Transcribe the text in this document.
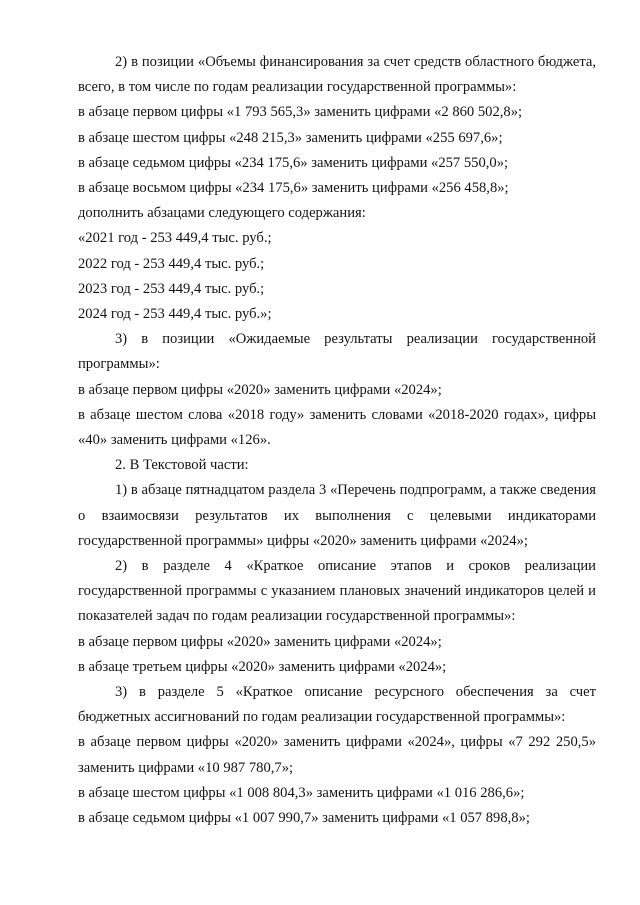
2) в позиции «Объемы финансирования за счет средств областного бюджета, всего, в том числе по годам реализации государственной программы»:

в абзаце первом цифры «1 793 565,3» заменить цифрами «2 860 502,8»;

в абзаце шестом цифры «248 215,3» заменить цифрами «255 697,6»;

в абзаце седьмом цифры «234 175,6» заменить цифрами «257 550,0»;

в абзаце восьмом цифры «234 175,6» заменить цифрами «256 458,8»;

дополнить абзацами следующего содержания:

«2021 год - 253 449,4 тыс. руб.;

2022 год - 253 449,4 тыс. руб.;

2023 год - 253 449,4 тыс. руб.;

2024 год - 253 449,4 тыс. руб.»;

3) в позиции «Ожидаемые результаты реализации государственной программы»:

в абзаце первом цифры «2020» заменить цифрами «2024»;

в абзаце шестом слова «2018 году» заменить словами «2018-2020 годах», цифры «40» заменить цифрами «126».

2. В Текстовой части:

1) в абзаце пятнадцатом раздела 3 «Перечень подпрограмм, а также сведения о взаимосвязи результатов их выполнения с целевыми индикаторами государственной программы» цифры «2020» заменить цифрами «2024»;

2) в разделе 4 «Краткое описание этапов и сроков реализации государственной программы с указанием плановых значений индикаторов целей и показателей задач по годам реализации государственной программы»:

в абзаце первом цифры «2020» заменить цифрами «2024»;

в абзаце третьем цифры «2020» заменить цифрами «2024»;

3) в разделе 5 «Краткое описание ресурсного обеспечения за счет бюджетных ассигнований по годам реализации государственной программы»:

в абзаце первом цифры «2020» заменить цифрами «2024», цифры «7 292 250,5» заменить цифрами «10 987 780,7»;

в абзаце шестом цифры «1 008 804,3» заменить цифрами «1 016 286,6»;

в абзаце седьмом цифры «1 007 990,7» заменить цифрами «1 057 898,8»;
